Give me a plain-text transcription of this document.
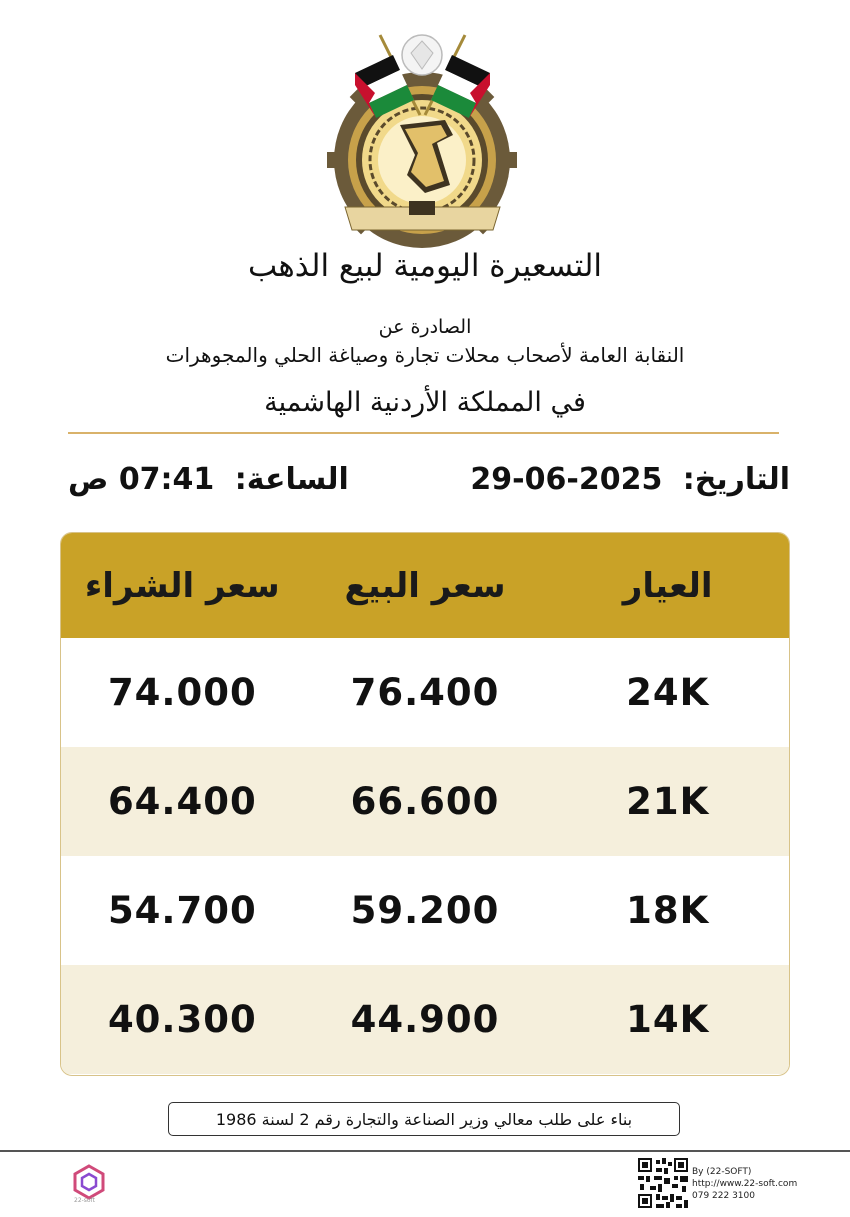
التسعيرة اليومية لبيع الذهب
الصادرة عن
النقابة العامة لأصحاب محلات تجارة وصياغة الحلي والمجوهرات
في المملكة الأردنية الهاشمية
التاريخ: 29-06-2025
الساعة: 07:41 ص
سعر الشراء	سعر البيع	العيار
74.000	76.400	24K
64.400	66.600	21K
54.700	59.200	18K
40.300	44.900	14K
بناء على طلب معالي وزير الصناعة والتجارة رقم 2 لسنة 1986
22-soft
By (22-SOFT)
http://www.22-soft.com
079 222 3100
